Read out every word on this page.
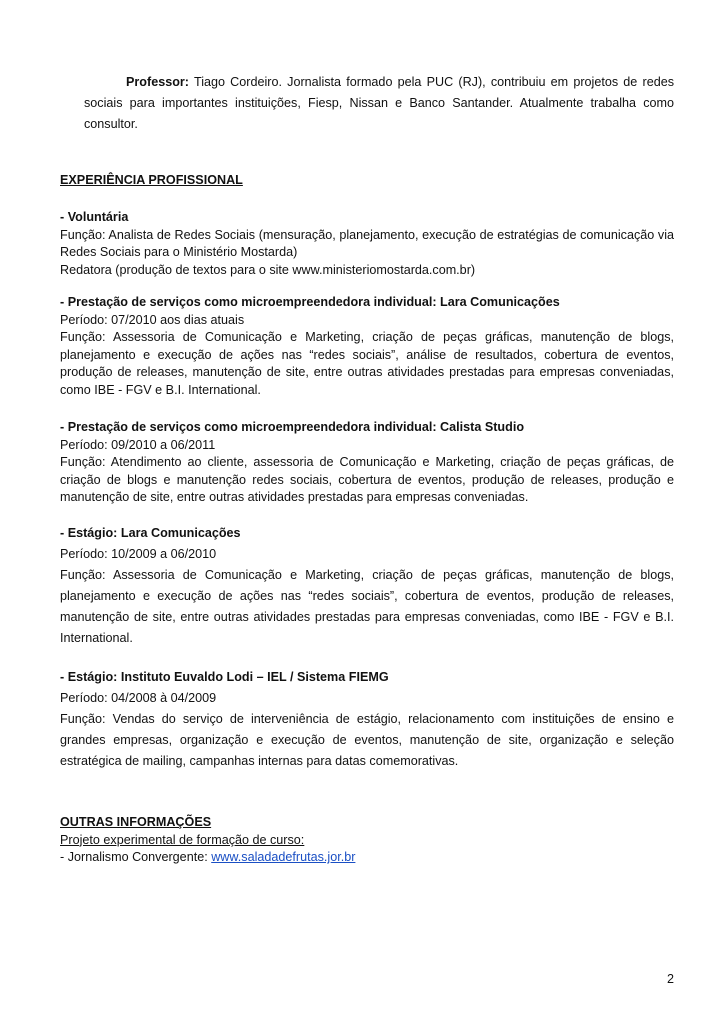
Professor: Tiago Cordeiro. Jornalista formado pela PUC (RJ), contribuiu em projetos de redes sociais para importantes instituições, Fiesp, Nissan e Banco Santander. Atualmente trabalha como consultor.
EXPERIÊNCIA PROFISSIONAL

- Voluntária

Função: Analista de Redes Sociais (mensuração, planejamento, execução de estratégias de comunicação via Redes Sociais para o Ministério Mostarda)

Redatora (produção de textos para o site www.ministeriomostarda.com.br)

- Prestação de serviços como microempreendedora individual: Lara Comunicações

Período: 07/2010 aos dias atuais

Função: Assessoria de Comunicação e Marketing, criação de peças gráficas, manutenção de blogs, planejamento e execução de ações nas “redes sociais”, análise de resultados, cobertura de eventos, produção de releases, manutenção de site, entre outras atividades prestadas para empresas conveniadas, como IBE - FGV e B.I. International.

- Prestação de serviços como microempreendedora individual: Calista Studio

Período: 09/2010 a 06/2011

Função: Atendimento ao cliente, assessoria de Comunicação e Marketing, criação de peças gráficas, de criação de blogs e manutenção redes sociais, cobertura de eventos, produção de releases, produção e manutenção de site, entre outras atividades prestadas para empresas conveniadas.

- Estágio: Lara Comunicações

Período: 10/2009 a 06/2010

Função: Assessoria de Comunicação e Marketing, criação de peças gráficas, manutenção de blogs, planejamento e execução de ações nas “redes sociais”, cobertura de eventos, produção de releases, manutenção de site, entre outras atividades prestadas para empresas conveniadas, como IBE - FGV e B.I. International.

- Estágio: Instituto Euvaldo Lodi – IEL / Sistema FIEMG

Período: 04/2008 à 04/2009

Função: Vendas do serviço de interveniência de estágio, relacionamento com instituições de ensino e grandes empresas, organização e execução de eventos, manutenção de site, organização e seleção estratégica de mailing, campanhas internas para datas comemorativas.

OUTRAS INFORMAÇÕES

Projeto experimental de formação de curso:

- Jornalismo Convergente: www.saladadefrutas.jor.br

2
